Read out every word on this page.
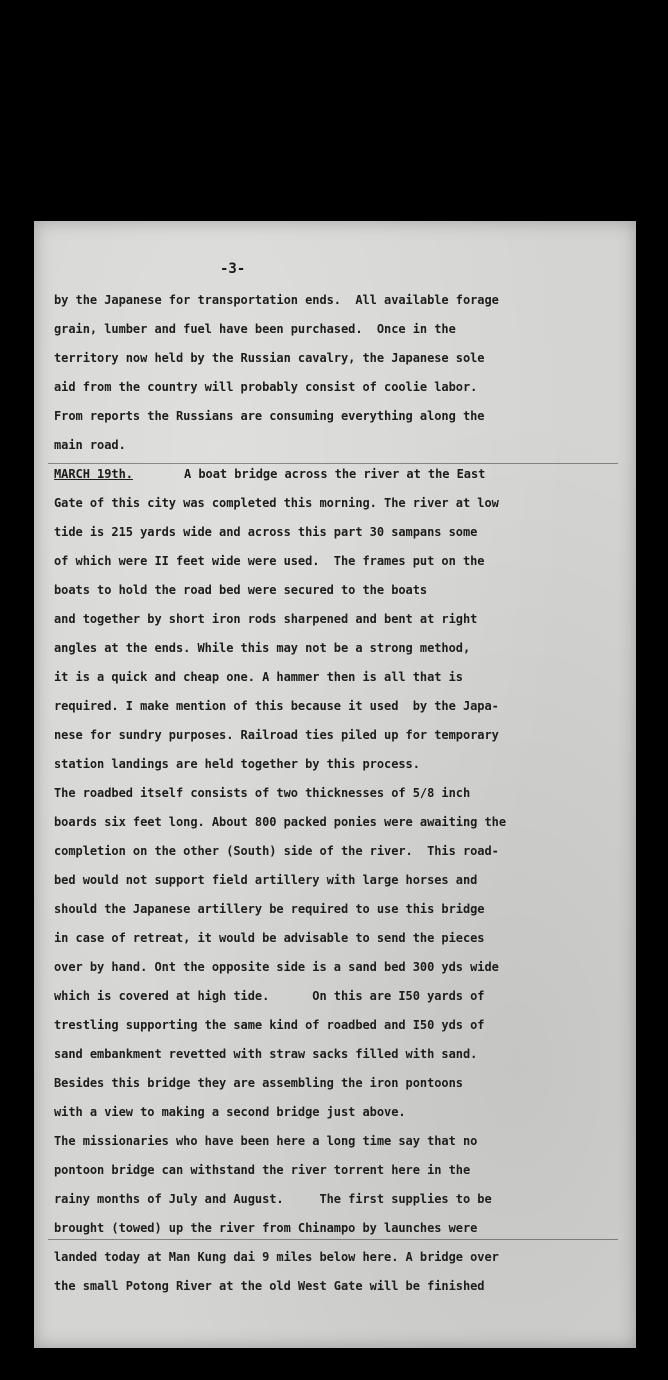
-3-
by the Japanese for transportation ends.  All available forage
grain, lumber and fuel have been purchased.  Once in the
territory now held by the Russian cavalry, the Japanese sole
aid from the country will probably consist of coolie labor.
From reports the Russians are consuming everything along the
main road.
MARCH 19th.	A boat bridge across the river at the East
Gate of this city was completed this morning. The river at low
tide is 215 yards wide and across this part 30 sampans some
of which were II feet wide were used.  The frames put on the
boats to hold the road bed were secured to the boats
and together by short iron rods sharpened and bent at right
angles at the ends. While this may not be a strong method,
it is a quick and cheap one. A hammer then is all that is
required. I make mention of this because it used  by the Japa-
nese for sundry purposes. Railroad ties piled up for temporary
station landings are held together by this process.
The roadbed itself consists of two thicknesses of 5/8 inch
boards six feet long. About 800 packed ponies were awaiting the
completion on the other (South) side of the river.  This road-
bed would not support field artillery with large horses and
should the Japanese artillery be required to use this bridge
in case of retreat, it would be advisable to send the pieces
over by hand. Ont the opposite side is a sand bed 300 yds wide
which is covered at high tide.      On this are I50 yards of
trestling supporting the same kind of roadbed and I50 yds of
sand embankment revetted with straw sacks filled with sand.
Besides this bridge they are assembling the iron pontoons
with a view to making a second bridge just above.
The missionaries who have been here a long time say that no
pontoon bridge can withstand the river torrent here in the
rainy months of July and August.     The first supplies to be
brought (towed) up the river from Chinampo by launches were
landed today at Man Kung dai 9 miles below here. A bridge over
the small Potong River at the old West Gate will be finished
